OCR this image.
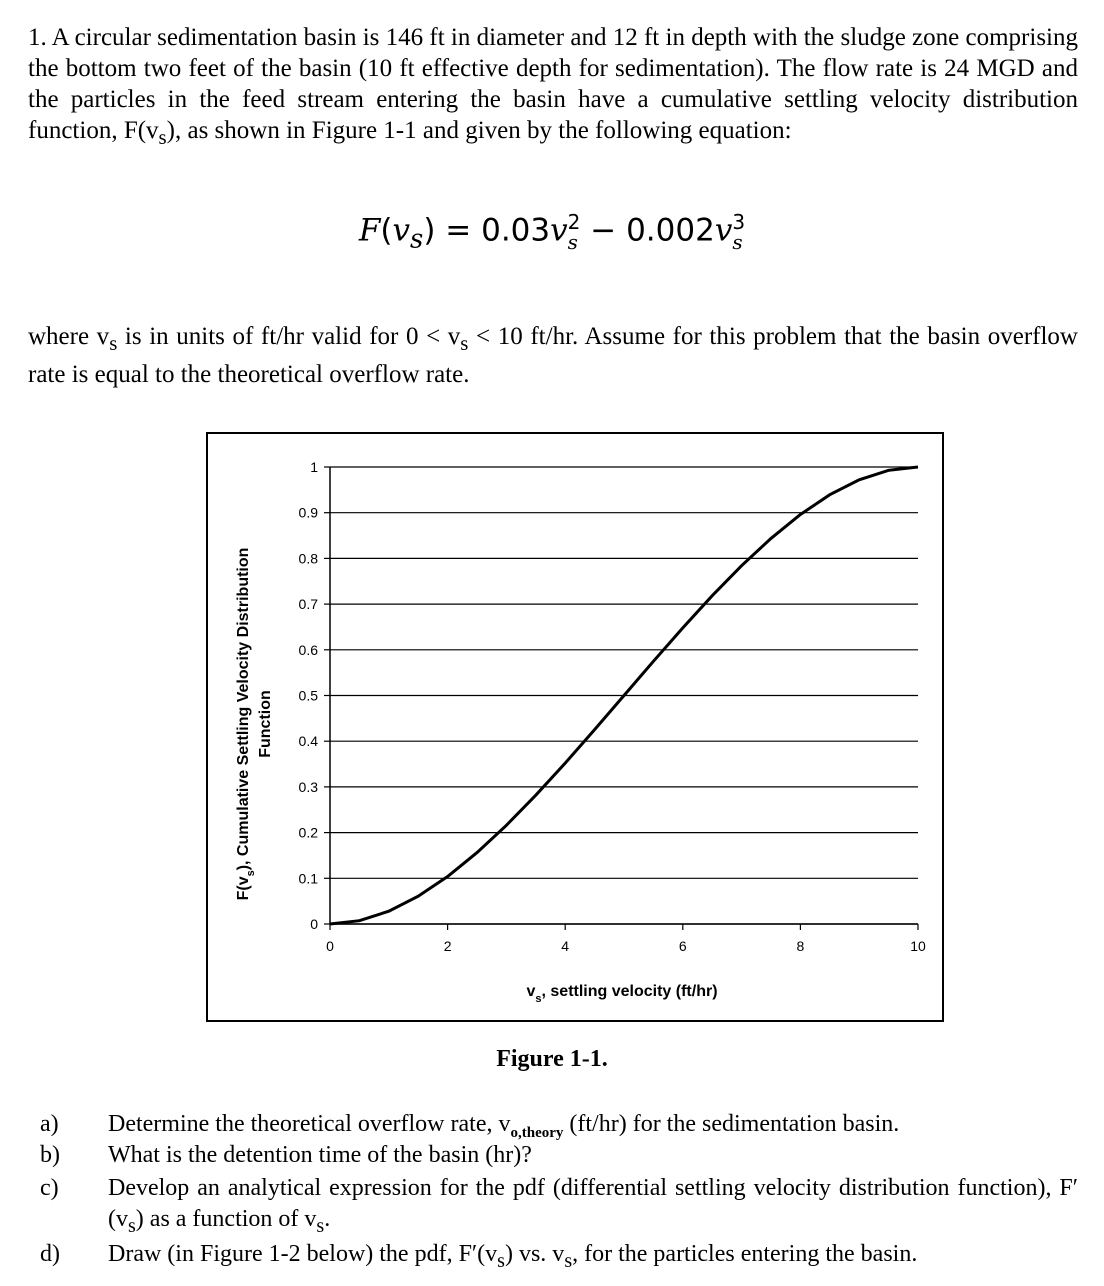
1. A circular sedimentation basin is 146 ft in diameter and 12 ft in depth with the sludge zone comprising the bottom two feet of the basin (10 ft effective depth for sedimentation). The flow rate is 24 MGD and the particles in the feed stream entering the basin have a cumulative settling velocity distribution function, $F(v_s)$, as shown in Figure 1-1 and given by the following equation:
$F(v_s) = 0.03v$ 2
s − 0.002v 3
s
where $v_s$ is in units of ft/hr valid for $0 < v_s < 10$ ft/hr. Assume for this problem that the basin overflow rate is equal to the theoretical overflow rate.
0
0.1
0.2
0.3
0.4
0.5
0.6
0.7
0.8
0.9
1
0	2	4	6	8	10
$F(v_s)$, Cumulative Settling Velocity Distribution Function
$v_s$, settling velocity (ft/hr)
Figure 1-1.
a)	Determine the theoretical overflow rate, $v_{o,theory}$ (ft/hr) for the sedimentation basin.
b)	What is the detention time of the basin (hr)?
c)	Develop an analytical expression for the pdf (differential settling velocity distribution function), $F'(v_s)$ as a function of $v_s$.
d)	Draw (in Figure 1-2 below) the pdf, $F'(v_s)$ vs. $v_s$, for the particles entering the basin.
